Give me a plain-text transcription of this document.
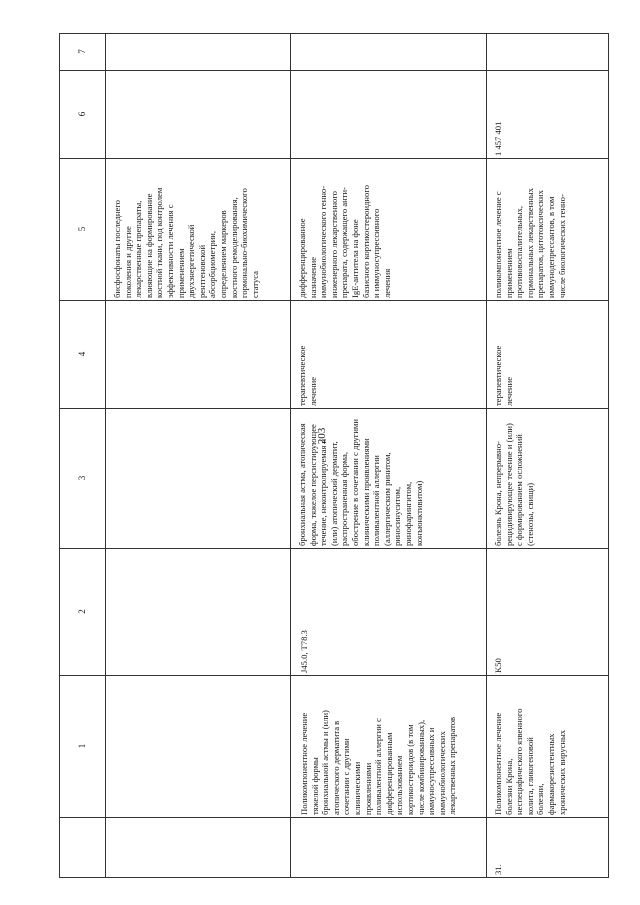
203
7
6
5
4
3
2
1
бисфосфонаты последнего
поколения и другие
лекарственные препараты,
влияющие на формирование
костной ткани, под контролем
эффективности лечения с
применением
двухэнергетической
рентгеновской
абсорбциометрии,
определением маркеров
костного ремоделирования,
гормонально-биохимического
статуса
Поликомпонентное лечение
тяжелой формы
бронхиальной астмы и (или)
атопического дерматита в
сочетании с другими
клиническими
проявлениями
поливалентной аллергии с
дифференцированным
использованием
кортикостероидов (в том
числе комбинированных),
иммуносупрессивных и
иммунобиологических
лекарственных препаратов
J45.0, T78.3
бронхиальная астма, атопическая
форма, тяжелое персистирующее
течение, неконтролируемая и
(или) атопический дерматит,
распространенная форма,
обострение в сочетании с другими
клиническими проявлениями
поливалентной аллергии
(аллергическим ринитом,
риносинуситом,
ринофарингитом,
конъюнктивитом)
терапевтическое
лечение
дифференцированное
назначение
иммунобиологического генно-
инженерного лекарственного
препарата, содержащего анти-
IgE-антитела на фоне
базисного кортикостероидного
и иммуносупрессивного
лечения
31.
Поликомпонентное лечение
болезни Крона,
неспецифического язвенного
колита, гликогеновой
болезни,
фармакорезистентных
хронических вирусных
K50
болезнь Крона, непрерывно-
рецидивирующее течение и (или)
с формированием осложнений
(стенозы, свищи)
терапевтическое
лечение
поликомпонентное лечение с
применением
противовоспалительных,
гормональных лекарственных
препаратов, цитотоксических
иммунодепрессантов, в том
числе биологических генно-
1 457 401
